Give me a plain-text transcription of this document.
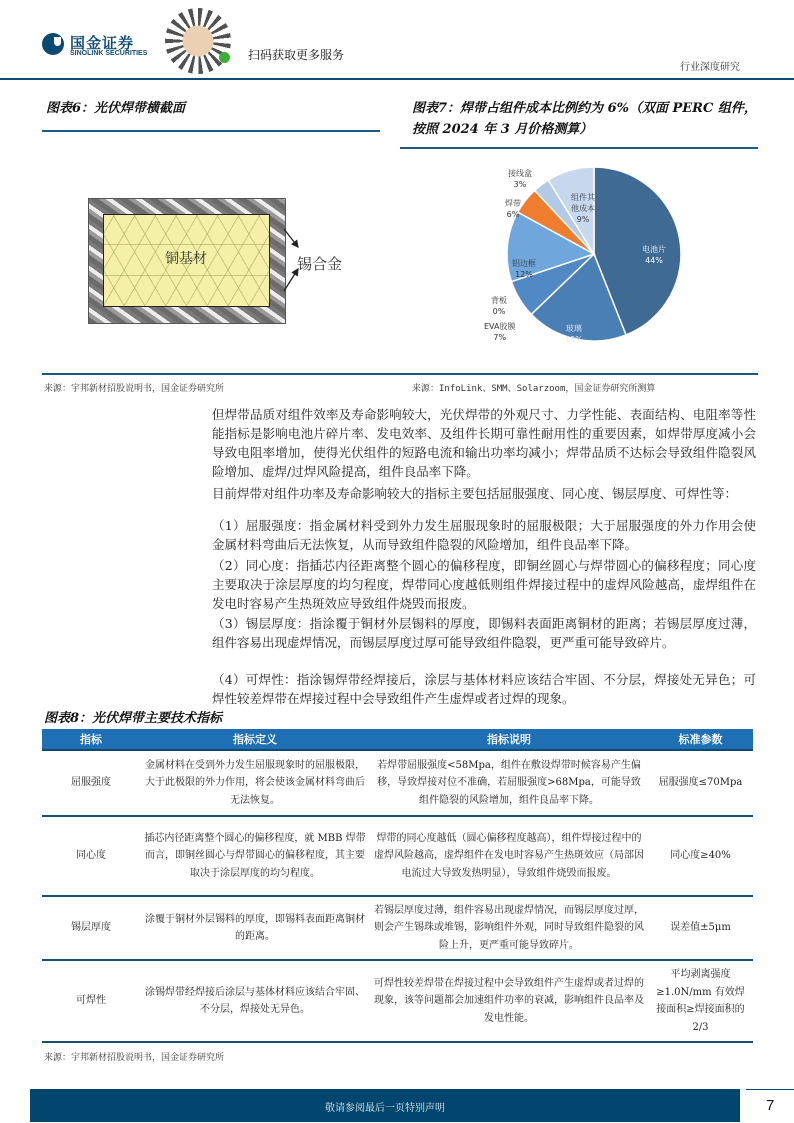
国金证券
SINOLINK SECURITIES	扫码获取更多服务
行业深度研究
图表6：光伏焊带横截面
铜基材	锡合金
图表7：焊带占组件成本比例约为 6%（双面 PERC 组件，
按照 2024 年 3 月价格测算）
电池片
44%
玻璃
19%
EVA胶膜
7%
背板
0%
铝边框
12%
焊带
6%
接线盒
3%
组件其
他成本
9%
来源：宇邦新材招股说明书，国金证券研究所	来源：InfoLink、SMM、Solarzoom，国金证券研究所测算
但焊带品质对组件效率及寿命影响较大，光伏焊带的外观尺寸、力学性能、表面结构、电阻率等性能指标是影响电池片碎片率、发电效率、及组件长期可靠性耐用性的重要因素，如焊带厚度减小会导致电阻率增加，使得光伏组件的短路电流和输出功率均减小；焊带品质不达标会导致组件隐裂风险增加、虚焊/过焊风险提高，组件良品率下降。
目前焊带对组件功率及寿命影响较大的指标主要包括屈服强度、同心度、锡层厚度、可焊性等：
（1）屈服强度：指金属材料受到外力发生屈服现象时的屈服极限；大于屈服强度的外力作用会使金属材料弯曲后无法恢复，从而导致组件隐裂的风险增加，组件良品率下降。
（2）同心度：指插芯内径距离整个圆心的偏移程度，即铜丝圆心与焊带圆心的偏移程度；同心度主要取决于涂层厚度的均匀程度，焊带同心度越低则组件焊接过程中的虚焊风险越高，虚焊组件在发电时容易产生热斑效应导致组件烧毁而报废。
（3）锡层厚度：指涂覆于铜材外层锡料的厚度，即锡料表面距离铜材的距离；若锡层厚度过薄，组件容易出现虚焊情况，而锡层厚度过厚可能导致组件隐裂，更严重可能导致碎片。
（4）可焊性：指涂锡焊带经焊接后，涂层与基体材料应该结合牢固、不分层，焊接处无异色；可焊性较差焊带在焊接过程中会导致组件产生虚焊或者过焊的现象。
图表8：光伏焊带主要技术指标
指标	指标定义	指标说明	标准参数
屈服强度	金属材料在受到外力发生屈服现象时的屈服极限，大于此极限的外力作用，将会使该金属材料弯曲后无法恢复。	若焊带屈服强度<58Mpa，组件在敷设焊带时候容易产生偏移，导致焊接对位不准确，若屈服强度>68Mpa，可能导致组件隐裂的风险增加，组件良品率下降。	屈服强度≤70Mpa
同心度	插芯内径距离整个圆心的偏移程度，就 MBB 焊带而言，即铜丝圆心与焊带圆心的偏移程度，其主要取决于涂层厚度的均匀程度。	焊带的同心度越低（圆心偏移程度越高），组件焊接过程中的虚焊风险越高，虚焊组件在发电时容易产生热斑效应（局部因电流过大导致发热明显），导致组件烧毁而报废。	同心度≥40%
锡层厚度	涂覆于铜材外层锡料的厚度，即锡料表面距离铜材的距离。	若锡层厚度过薄，组件容易出现虚焊情况，而锡层厚度过厚，则会产生锡珠或堆锡，影响组件外观，同时导致组件隐裂的风险上升，更严重可能导致碎片。	误差值±5μm
可焊性	涂锡焊带经焊接后涂层与基体材料应该结合牢固、不分层，焊接处无异色。	可焊性较差焊带在焊接过程中会导致组件产生虚焊或者过焊的现象，该等问题都会加速组件功率的衰减，影响组件良品率及发电性能。	平均剥离强度≥1.0N/mm 有效焊接面积≥焊接面积的 2/3
来源：宇邦新材招股说明书，国金证券研究所
敬请参阅最后一页特别声明	7
